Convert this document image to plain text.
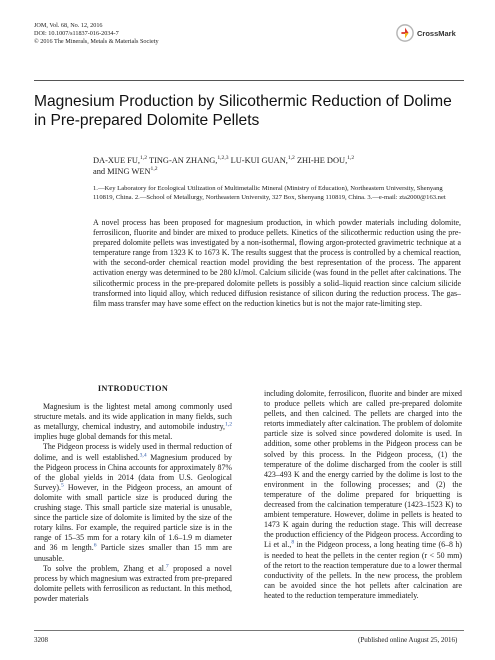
JOM, Vol. 68, No. 12, 2016
DOI: 10.1007/s11837-016-2034-7
© 2016 The Minerals, Metals & Materials Society
CrossMark
Magnesium Production by Silicothermic Reduction of Dolime
in Pre-prepared Dolomite Pellets
DA-XUE FU,$^{1,2}$ TING-AN ZHANG,$^{1,2,3}$ LU-KUI GUAN,$^{1,2}$ ZHI-HE DOU,$^{1,2}$
and MING WEN$^{1,2}$
1.—Key Laboratory for Ecological Utilization of Multimetallic Mineral (Ministry of Education), Northeastern University, Shenyang 110819, China. 2.—School of Metallurgy, Northeastern University, 327 Box, Shenyang 110819, China. 3.—e-mail: zta2000@163.net
A novel process has been proposed for magnesium production, in which powder materials including dolomite, ferrosilicon, fluorite and binder are mixed to produce pellets. Kinetics of the silicothermic reduction using the pre-prepared dolomite pellets was investigated by a non-isothermal, flowing argon-protected gravimetric technique at a temperature range from 1323 K to 1673 K. The results suggest that the process is controlled by a chemical reaction, with the second-order chemical reaction model providing the best representation of the process. The apparent activation energy was determined to be 280 kJ/mol. Calcium silicide (was found in the pellet after calcinations. The silicothermic process in the pre-prepared dolomite pellets is possibly a solid–liquid reaction since calcium silicide transformed into liquid alloy, which reduced diffusion resistance of silicon during the reduction process. The gas–film mass transfer may have some effect on the reduction kinetics but is not the major rate-limiting step.
INTRODUCTION

Magnesium is the lightest metal among commonly used structure metals. and its wide application in many fields, such as metallurgy, chemical industry, and automobile industry,$^{1,2}$ implies huge global demands for this metal.

The Pidgeon process is widely used in thermal reduction of dolime, and is well established.$^{3,4}$ Magnesium produced by the Pidgeon process in China accounts for approximately 87% of the global yields in 2014 (data from U.S. Geological Survey).$^5$ However, in the Pidgeon process, an amount of dolomite with small particle size is produced during the crushing stage. This small particle size material is unusable, since the particle size of dolomite is limited by the size of the rotary kilns. For example, the required particle size is in the range of 15–35 mm for a rotary kiln of 1.6–1.9 m diameter and 36 m length.$^6$ Particle sizes smaller than 15 mm are unusable.

To solve the problem, Zhang et al.$^7$ proposed a novel process by which magnesium was extracted from pre-prepared dolomite pellets with ferrosilicon as reductant. In this method, powder materials

including dolomite, ferrosilicon, fluorite and binder are mixed to produce pellets which are called pre-prepared dolomite pellets, and then calcined. The pellets are charged into the retorts immediately after calcination. The problem of dolomite particle size is solved since powdered dolomite is used. In addition, some other problems in the Pidgeon process can be solved by this process. In the Pidgeon process, (1) the temperature of the dolime discharged from the cooler is still 423–493 K and the energy carried by the dolime is lost to the environment in the following processes; and (2) the temperature of the dolime prepared for briquetting is decreased from the calcination temperature (1423–1523 K) to ambient temperature. However, dolime in pellets is heated to 1473 K again during the reduction stage. This will decrease the production efficiency of the Pidgeon process. According to Li et al.,$^8$ in the Pidgeon process, a long heating time (6–8 h) is needed to heat the pellets in the center region (r < 50 mm) of the retort to the reaction temperature due to a lower thermal conductivity of the pellets. In the new process, the problem can be avoided since the hot pellets after calcination are heated to the reduction temperature immediately.

3208	(Published online August 25, 2016)
